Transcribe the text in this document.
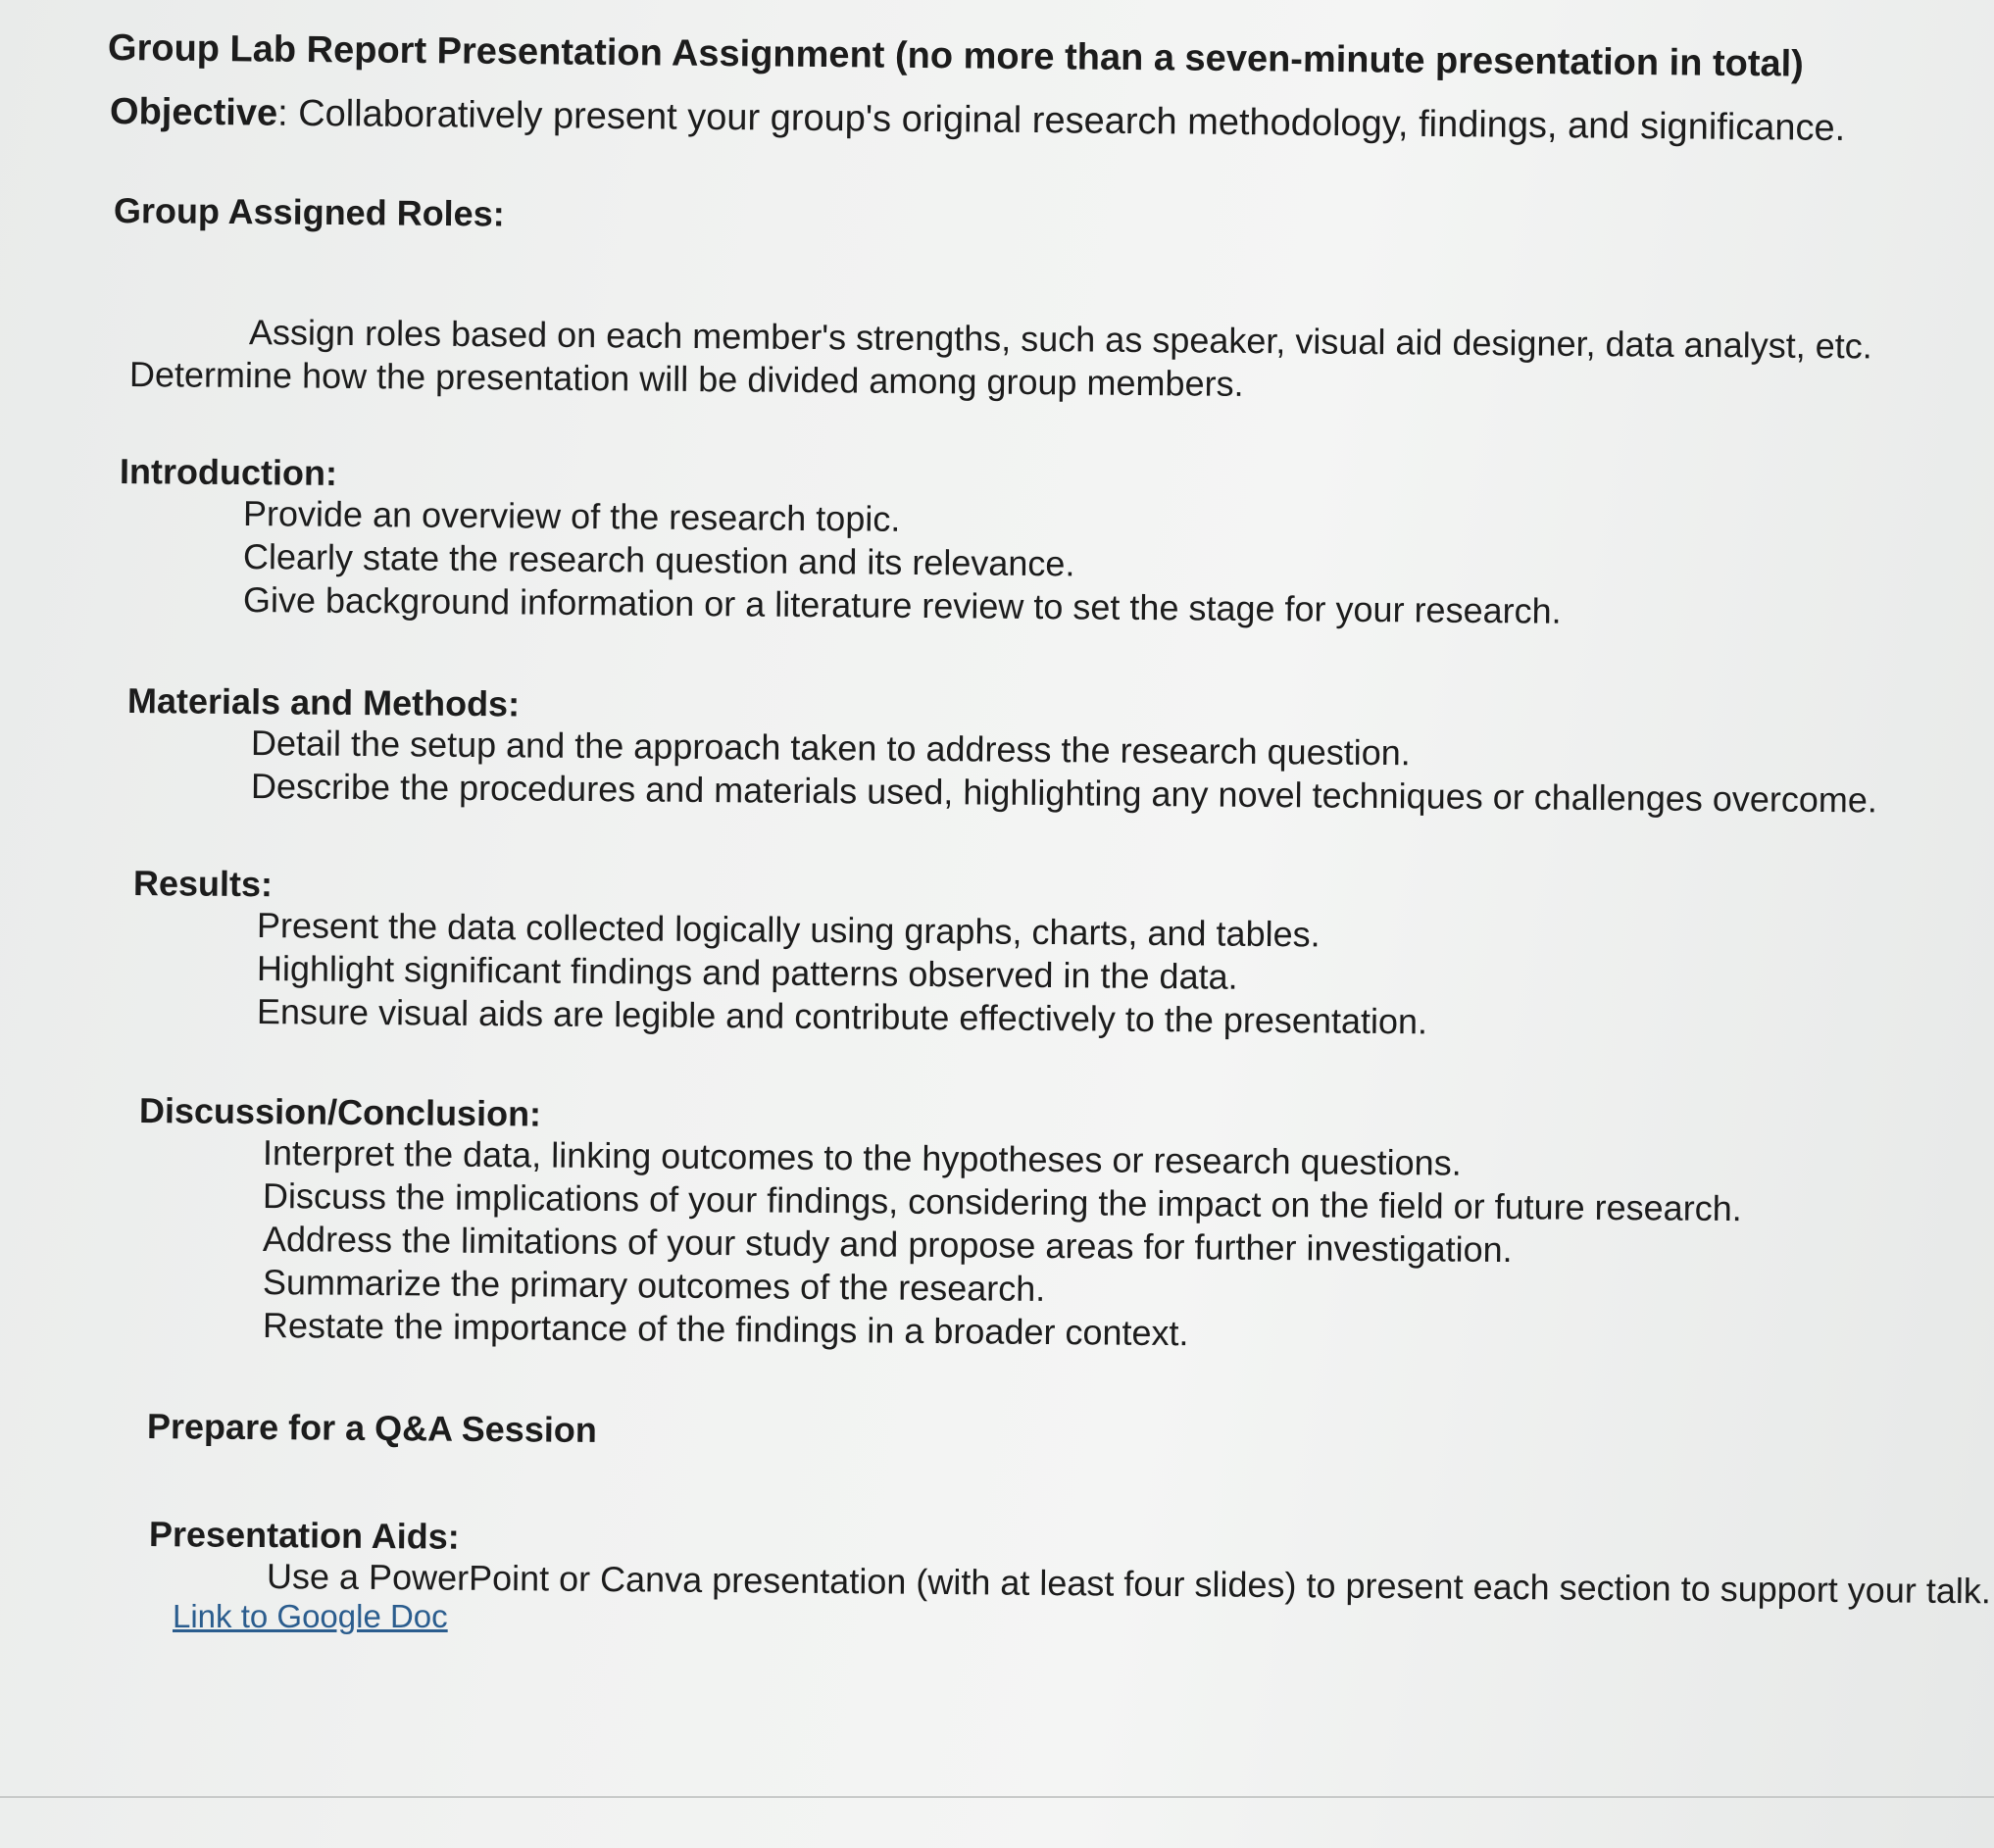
Group Lab Report Presentation Assignment (no more than a seven-minute presentation in total)

Objective: Collaboratively present your group's original research methodology, findings, and significance.

Group Assigned Roles:

Assign roles based on each member's strengths, such as speaker, visual aid designer, data analyst, etc.

Determine how the presentation will be divided among group members.

Introduction:

Provide an overview of the research topic.

Clearly state the research question and its relevance.

Give background information or a literature review to set the stage for your research.

Materials and Methods:

Detail the setup and the approach taken to address the research question.

Describe the procedures and materials used, highlighting any novel techniques or challenges overcome.

Results:

Present the data collected logically using graphs, charts, and tables.

Highlight significant findings and patterns observed in the data.

Ensure visual aids are legible and contribute effectively to the presentation.

Discussion/Conclusion:

Interpret the data, linking outcomes to the hypotheses or research questions.

Discuss the implications of your findings, considering the impact on the field or future research.

Address the limitations of your study and propose areas for further investigation.

Summarize the primary outcomes of the research.

Restate the importance of the findings in a broader context.

Prepare for a Q&A Session

Presentation Aids:

Use a PowerPoint or Canva presentation (with at least four slides) to present each section to support your talk.

Link to Google Doc
